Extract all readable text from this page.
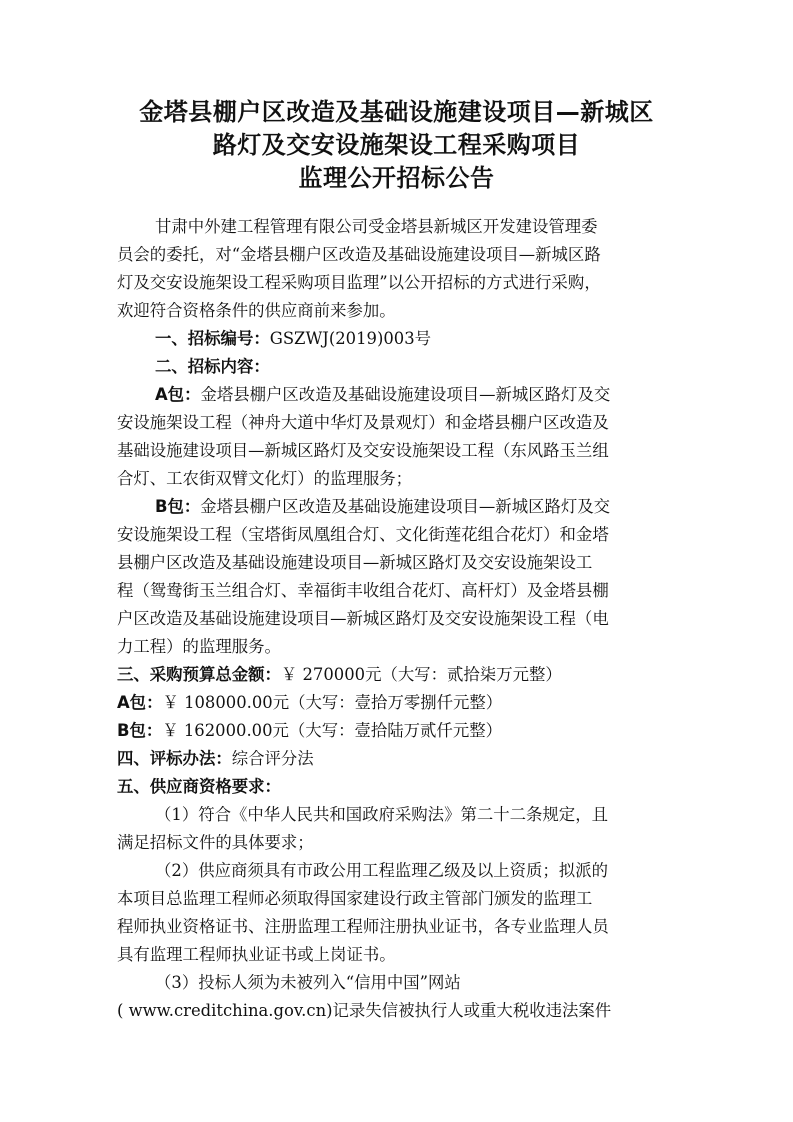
金塔县棚户区改造及基础设施建设项目—新城区
路灯及交安设施架设工程采购项目
监理公开招标公告
甘肃中外建工程管理有限公司受金塔县新城区开发建设管理委
员会的委托，对“金塔县棚户区改造及基础设施建设项目—新城区路
灯及交安设施架设工程采购项目监理”以公开招标的方式进行采购，
欢迎符合资格条件的供应商前来参加。
一、招标编号：GSZWJ(2019)003号
二、招标内容：
A包：金塔县棚户区改造及基础设施建设项目—新城区路灯及交
安设施架设工程（神舟大道中华灯及景观灯）和金塔县棚户区改造及
基础设施建设项目—新城区路灯及交安设施架设工程（东风路玉兰组
合灯、工农街双臂文化灯）的监理服务；
B包：金塔县棚户区改造及基础设施建设项目—新城区路灯及交
安设施架设工程（宝塔街凤凰组合灯、文化街莲花组合花灯）和金塔
县棚户区改造及基础设施建设项目—新城区路灯及交安设施架设工
程（鸳鸯街玉兰组合灯、幸福街丰收组合花灯、高杆灯）及金塔县棚
户区改造及基础设施建设项目—新城区路灯及交安设施架设工程（电
力工程）的监理服务。
三、采购预算总金额：￥ 270000元（大写：贰拾柒万元整）
A包：￥ 108000.00元（大写：壹拾万零捌仟元整）
B包：￥ 162000.00元（大写：壹拾陆万贰仟元整）
四、评标办法：综合评分法
五、供应商资格要求：
（1）符合《中华人民共和国政府采购法》第二十二条规定，且
满足招标文件的具体要求；
（2）供应商须具有市政公用工程监理乙级及以上资质；拟派的
本项目总监理工程师必须取得国家建设行政主管部门颁发的监理工
程师执业资格证书、注册监理工程师注册执业证书，各专业监理人员
具有监理工程师执业证书或上岗证书。
（3）投标人须为未被列入“信用中国”网站
( www.creditchina.gov.cn)记录失信被执行人或重大税收违法案件
